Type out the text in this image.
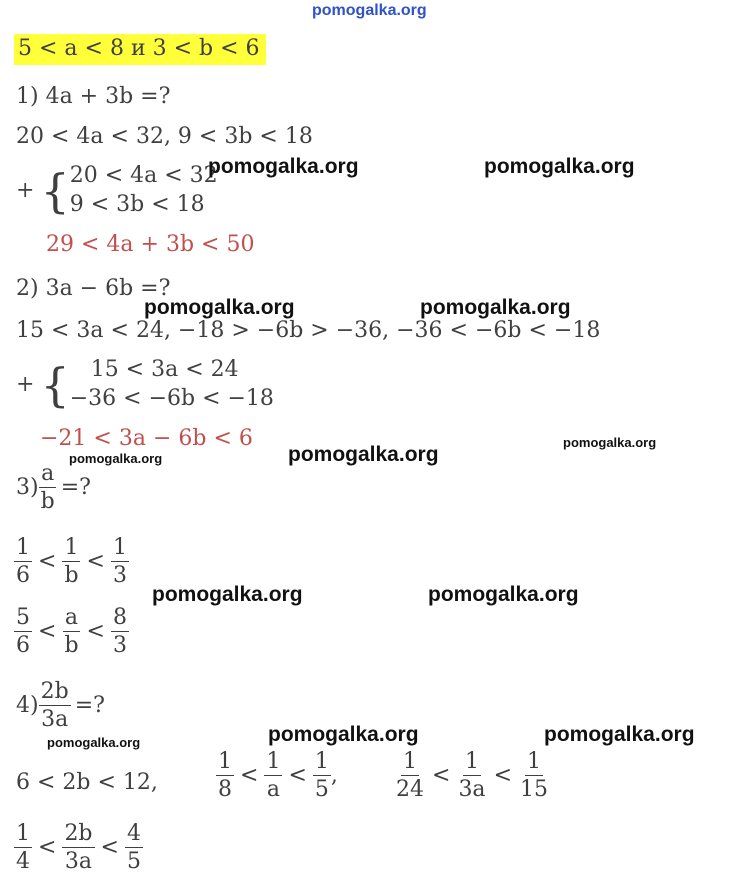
pomogalka.org
5 < a < 8 и 3 < b < 6
1) 4a + 3b =?
20 < 4a < 32, 9 < 3b < 18
+ { 20 < 4a < 32
9 < 3b < 18
29 < 4a + 3b < 50
2) 3a − 6b =?
15 < 3a < 24, −18 > −6b > −36, −36 < −6b < −18
+ { 15 < 3a < 24
−36 < −6b < −18
−21 < 3a − 6b < 6
$3) \frac{a}{b}$ =?
$\frac{1}{6} < \frac{1}{b} < \frac{1}{3}$
$\frac{5}{6} < \frac{a}{b} < \frac{8}{3}$
$4) \frac{2b}{3a}$ =?
6 < 2b < 12,	$\frac{1}{8} < \frac{1}{a} < \frac{1}{5}$ ,	$\frac{1}{24} < \frac{1}{3a} < \frac{1}{15}$
$\frac{1}{4} < \frac{2b}{3a} < \frac{4}{5}$
pomogalka.org	pomogalka.org
pomogalka.org	pomogalka.org
pomogalka.org
pomogalka.org
pomogalka.org
pomogalka.org	pomogalka.org
pomogalka.org	pomogalka.org
pomogalka.org
